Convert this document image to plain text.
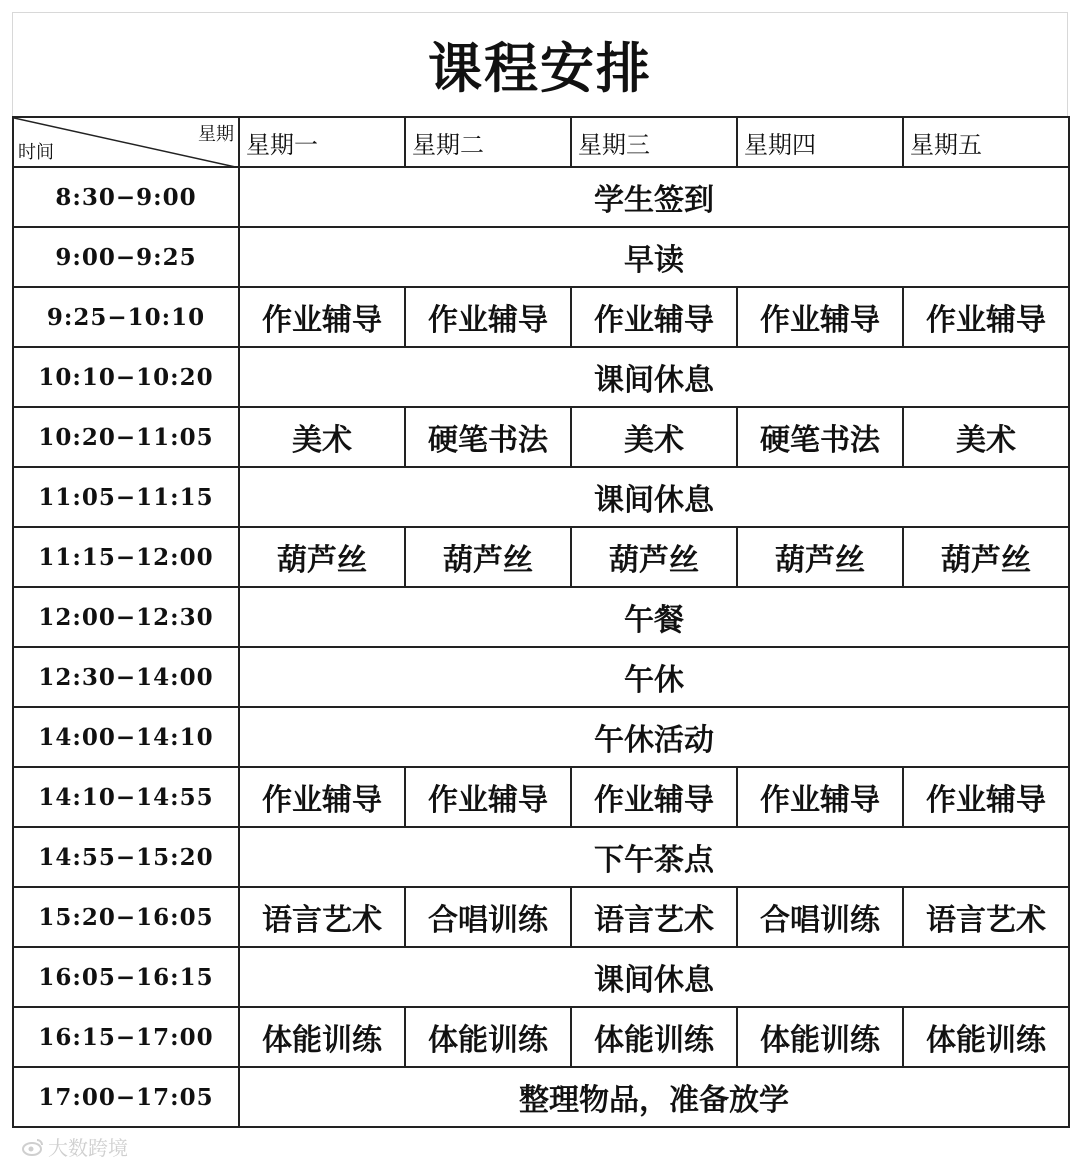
课程安排
星期
时间	星期一	星期二	星期三	星期四	星期五
8:30−9:00	学生签到				
9:00−9:25	早读				
9:25−10:10	作业辅导	作业辅导	作业辅导	作业辅导	作业辅导
10:10−10:20	课间休息				
10:20−11:05	美术	硬笔书法	美术	硬笔书法	美术
11:05−11:15	课间休息				
11:15−12:00	葫芦丝	葫芦丝	葫芦丝	葫芦丝	葫芦丝
12:00−12:30	午餐				
12:30−14:00	午休				
14:00−14:10	午休活动				
14:10−14:55	作业辅导	作业辅导	作业辅导	作业辅导	作业辅导
14:55−15:20	下午茶点				
15:20−16:05	语言艺术	合唱训练	语言艺术	合唱训练	语言艺术
16:05−16:15	课间休息				
16:15−17:00	体能训练	体能训练	体能训练	体能训练	体能训练
17:00−17:05	整理物品，准备放学				
大数跨境
